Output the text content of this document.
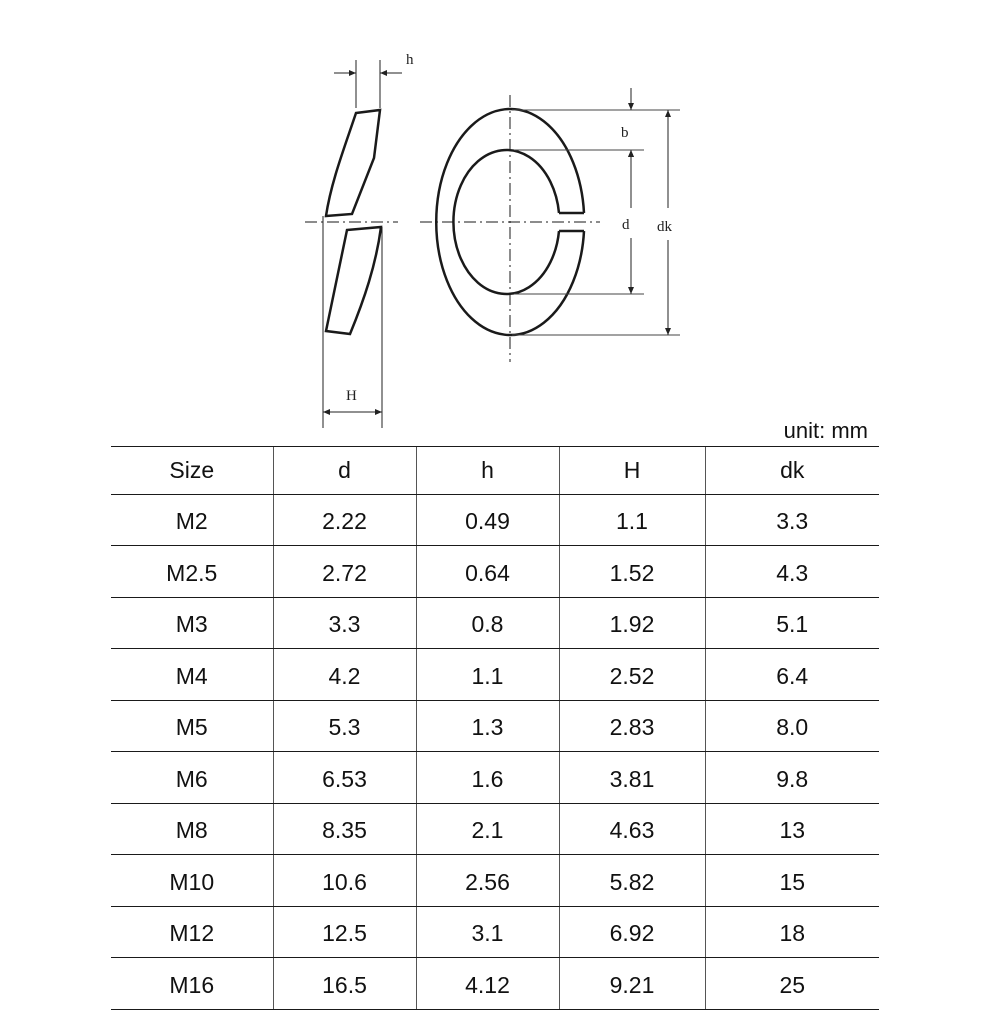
h
H
b
d dk
unit: mm
Size	d	h	H	dk
M2	2.22	0.49	1.1	3.3
M2.5	2.72	0.64	1.52	4.3
M3	3.3	0.8	1.92	5.1
M4	4.2	1.1	2.52	6.4
M5	5.3	1.3	2.83	8.0
M6	6.53	1.6	3.81	9.8
M8	8.35	2.1	4.63	13
M10	10.6	2.56	5.82	15
M12	12.5	3.1	6.92	18
M16	16.5	4.12	9.21	25
